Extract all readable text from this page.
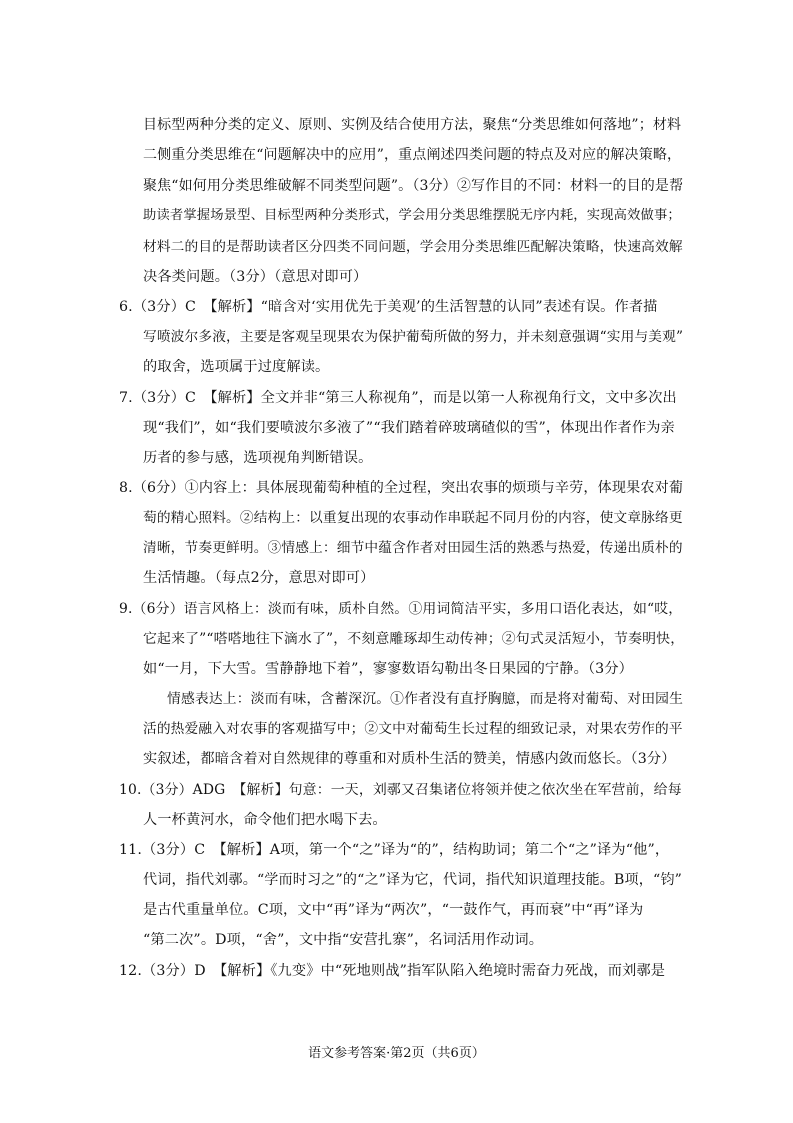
目标型两种分类的定义、原则、实例及结合使用方法，聚焦“分类思维如何落地”；材料
二侧重分类思维在“问题解决中的应用”，重点阐述四类问题的特点及对应的解决策略，
聚焦“如何用分类思维破解不同类型问题”。（3分）②写作目的不同：材料一的目的是帮
助读者掌握场景型、目标型两种分类形式，学会用分类思维摆脱无序内耗，实现高效做事；
材料二的目的是帮助读者区分四类不同问题，学会用分类思维匹配解决策略，快速高效解
决各类问题。（3分）（意思对即可）
6.（3分）C　【解析】“暗含对‘实用优先于美观’的生活智慧的认同”表述有误。作者描
写喷波尔多液，主要是客观呈现果农为保护葡萄所做的努力，并未刻意强调“实用与美观”
的取舍，选项属于过度解读。
7.（3分）C　【解析】全文并非“第三人称视角”，而是以第一人称视角行文，文中多次出
现“我们”，如“我们要喷波尔多液了”“我们踏着碎玻璃碴似的雪”，体现出作者作为亲
历者的参与感，选项视角判断错误。
8.（6分）①内容上：具体展现葡萄种植的全过程，突出农事的烦琐与辛劳，体现果农对葡
萄的精心照料。②结构上：以重复出现的农事动作串联起不同月份的内容，使文章脉络更
清晰，节奏更鲜明。③情感上：细节中蕴含作者对田园生活的熟悉与热爱，传递出质朴的
生活情趣。（每点2分，意思对即可）
9.（6分）语言风格上：淡而有味，质朴自然。①用词简洁平实，多用口语化表达，如“哎，
它起来了”“嗒嗒地往下滴水了”，不刻意雕琢却生动传神；②句式灵活短小，节奏明快，
如“一月，下大雪。雪静静地下着”，寥寥数语勾勒出冬日果园的宁静。（3分）
情感表达上：淡而有味，含蓄深沉。①作者没有直抒胸臆，而是将对葡萄、对田园生
活的热爱融入对农事的客观描写中；②文中对葡萄生长过程的细致记录，对果农劳作的平
实叙述，都暗含着对自然规律的尊重和对质朴生活的赞美，情感内敛而悠长。（3分）
10.（3分）ADG　【解析】句意：一天，刘鄩又召集诸位将领并使之依次坐在军营前，给每
人一杯黄河水，命令他们把水喝下去。
11.（3分）C　【解析】A项，第一个“之”译为“的”，结构助词；第二个“之”译为“他”，
代词，指代刘鄩。“学而时习之”的“之”译为它，代词，指代知识道理技能。B项，“钧”
是古代重量单位。C项，文中“再”译为“两次”，“一鼓作气，再而衰”中“再”译为
“第二次”。D项，“舍”，文中指“安营扎寨”，名词活用作动词。
12.（3分）D　【解析】《九变》中“死地则战”指军队陷入绝境时需奋力死战，而刘鄩是
语文参考答案·第2页（共6页）
